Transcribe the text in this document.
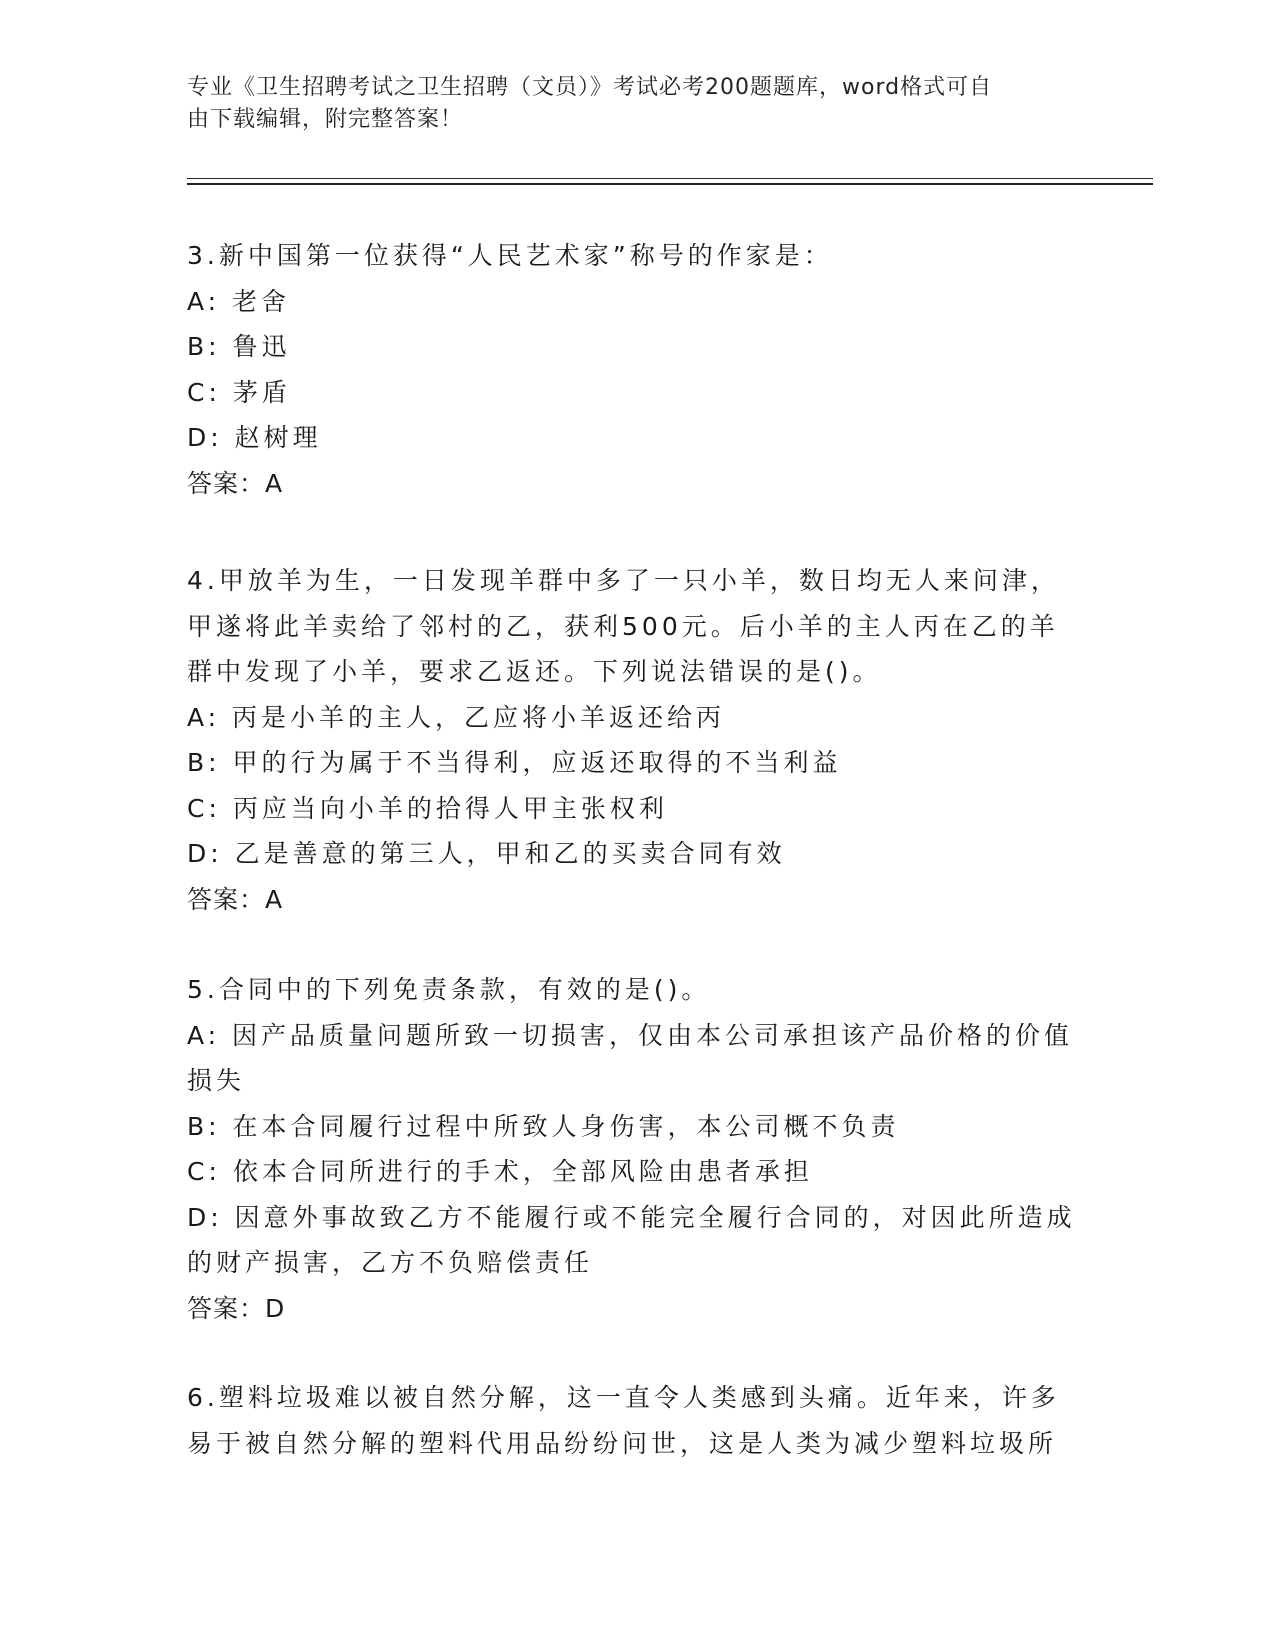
专业《卫生招聘考试之卫生招聘（文员）》考试必考200题题库，word格式可自
由下载编辑，附完整答案！
3.新中国第一位获得“人民艺术家”称号的作家是：
A: 老舍
B: 鲁迅
C: 茅盾
D: 赵树理
答案：A
4.甲放羊为生，一日发现羊群中多了一只小羊，数日均无人来问津，
甲遂将此羊卖给了邻村的乙，获利500元。后小羊的主人丙在乙的羊
群中发现了小羊，要求乙返还。下列说法错误的是()。
A: 丙是小羊的主人，乙应将小羊返还给丙
B: 甲的行为属于不当得利，应返还取得的不当利益
C: 丙应当向小羊的拾得人甲主张权利
D: 乙是善意的第三人，甲和乙的买卖合同有效
答案：A
5.合同中的下列免责条款，有效的是()。
A: 因产品质量问题所致一切损害，仅由本公司承担该产品价格的价值
损失
B: 在本合同履行过程中所致人身伤害，本公司概不负责
C: 依本合同所进行的手术，全部风险由患者承担
D: 因意外事故致乙方不能履行或不能完全履行合同的，对因此所造成
的财产损害，乙方不负赔偿责任
答案：D
6.塑料垃圾难以被自然分解，这一直令人类感到头痛。近年来，许多
易于被自然分解的塑料代用品纷纷问世，这是人类为减少塑料垃圾所
